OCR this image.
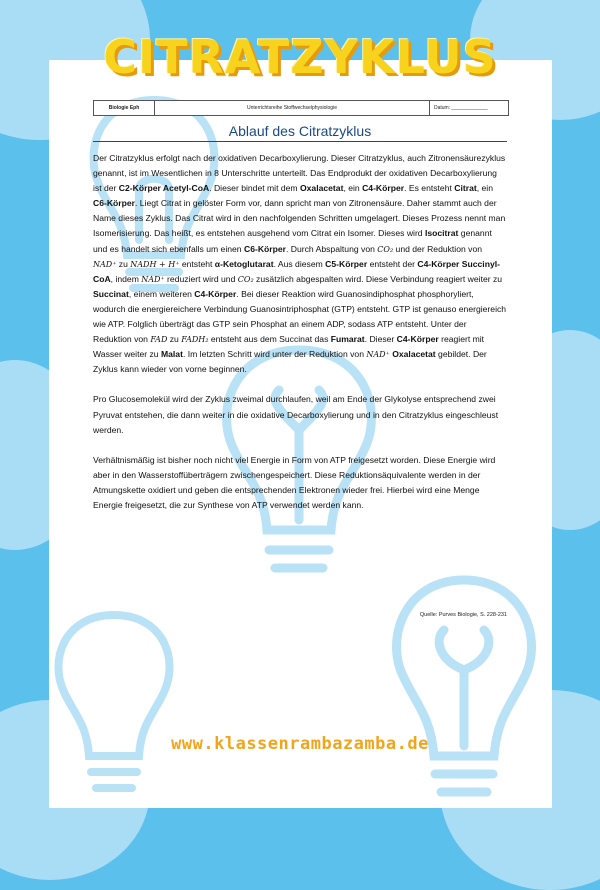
CITRATZYKLUS
Biologie Eph	Unterrichtsreihe Stoffwechselphysiologie	Datum: _____________
Ablauf des Citratzyklus

Der Citratzyklus erfolgt nach der oxidativen Decarboxylierung. Dieser Citratzyklus, auch Zitronensäurezyklus genannt, ist im Wesentlichen in 8 Unterschritte unterteilt. Das Endprodukt der oxidativen Decarboxylierung ist der C2-Körper Acetyl-CoA. Dieser bindet mit dem Oxalacetat, ein C4-Körper. Es entsteht Citrat, ein C6-Körper. Liegt Citrat in gelöster Form vor, dann spricht man von Zitronensäure. Daher stammt auch der Name dieses Zyklus. Das Citrat wird in den nachfolgenden Schritten umgelagert. Dieses Prozess nennt man Isomerisierung. Das heißt, es entstehen ausgehend vom Citrat ein Isomer. Dieses wird Isocitrat genannt und es handelt sich ebenfalls um einen C6-Körper. Durch Abspaltung von CO₂ und der Reduktion von NAD⁺ zu NADH + H⁺ entsteht α-Ketoglutarat. Aus diesem C5-Körper entsteht der C4-Körper Succinyl-CoA, indem NAD⁺ reduziert wird und CO₂ zusätzlich abgespalten wird. Diese Verbindung reagiert weiter zu Succinat, einem weiteren C4-Körper. Bei dieser Reaktion wird Guanosindiphosphat phosphoryliert, wodurch die energiereichere Verbindung Guanosintriphosphat (GTP) entsteht. GTP ist genauso energiereich wie ATP. Folglich überträgt das GTP sein Phosphat an einem ADP, sodass ATP entsteht. Unter der Reduktion von FAD zu FADH₂ entsteht aus dem Succinat das Fumarat. Dieser C4-Körper reagiert mit Wasser weiter zu Malat. Im letzten Schritt wird unter der Reduktion von NAD⁺ Oxalacetat gebildet. Der Zyklus kann wieder von vorne beginnen.

Pro Glucosemolekül wird der Zyklus zweimal durchlaufen, weil am Ende der Glykolyse entsprechend zwei Pyruvat entstehen, die dann weiter in die oxidative Decarboxylierung und in den Citratzyklus eingeschleust werden.

Verhältnismäßig ist bisher noch nicht viel Energie in Form von ATP freigesetzt worden. Diese Energie wird aber in den Wasserstoffüberträgern zwischengespeichert. Diese Reduktionsäquivalente werden in der Atmungskette oxidiert und geben die entsprechenden Elektronen wieder frei. Hierbei wird eine Menge Energie freigesetzt, die zur Synthese von ATP verwendet werden kann.

Quelle: Purves Biologie, S. 228-231
www.klassenrambazamba.de
